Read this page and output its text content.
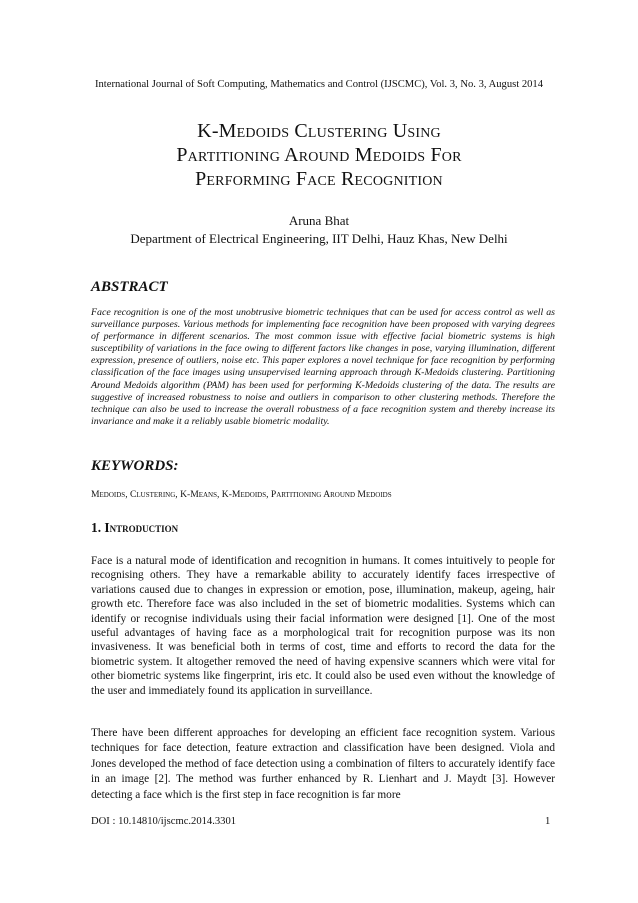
International Journal of Soft Computing, Mathematics and Control (IJSCMC), Vol. 3, No. 3, August 2014
K-Medoids Clustering Using
Partitioning Around Medoids For
Performing Face Recognition
Aruna Bhat
Department of Electrical Engineering, IIT Delhi, Hauz Khas, New Delhi
ABSTRACT
Face recognition is one of the most unobtrusive biometric techniques that can be used for access control as well as surveillance purposes. Various methods for implementing face recognition have been proposed with varying degrees of performance in different scenarios. The most common issue with effective facial biometric systems is high susceptibility of variations in the face owing to different factors like changes in pose, varying illumination, different expression, presence of outliers, noise etc. This paper explores a novel technique for face recognition by performing classification of the face images using unsupervised learning approach through K-Medoids clustering. Partitioning Around Medoids algorithm (PAM) has been used for performing K-Medoids clustering of the data. The results are suggestive of increased robustness to noise and outliers in comparison to other clustering methods. Therefore the technique can also be used to increase the overall robustness of a face recognition system and thereby increase its invariance and make it a reliably usable biometric modality.
KEYWORDS:
Medoids, Clustering, K-Means, K-Medoids, Partitioning Around Medoids
1. Introduction
Face is a natural mode of identification and recognition in humans. It comes intuitively to people for recognising others. They have a remarkable ability to accurately identify faces irrespective of variations caused due to changes in expression or emotion, pose, illumination, makeup, ageing, hair growth etc. Therefore face was also included in the set of biometric modalities. Systems which can identify or recognise individuals using their facial information were designed [1]. One of the most useful advantages of having face as a morphological trait for recognition purpose was its non invasiveness. It was beneficial both in terms of cost, time and efforts to record the data for the biometric system. It altogether removed the need of having expensive scanners which were vital for other biometric systems like fingerprint, iris etc. It could also be used even without the knowledge of the user and immediately found its application in surveillance.
There have been different approaches for developing an efficient face recognition system. Various techniques for face detection, feature extraction and classification have been designed. Viola and Jones developed the method of face detection using a combination of filters to accurately identify face in an image [2]. The method was further enhanced by R. Lienhart and J. Maydt [3]. However detecting a face which is the first step in face recognition is far more
DOI : 10.14810/ijscmc.2014.3301	1
